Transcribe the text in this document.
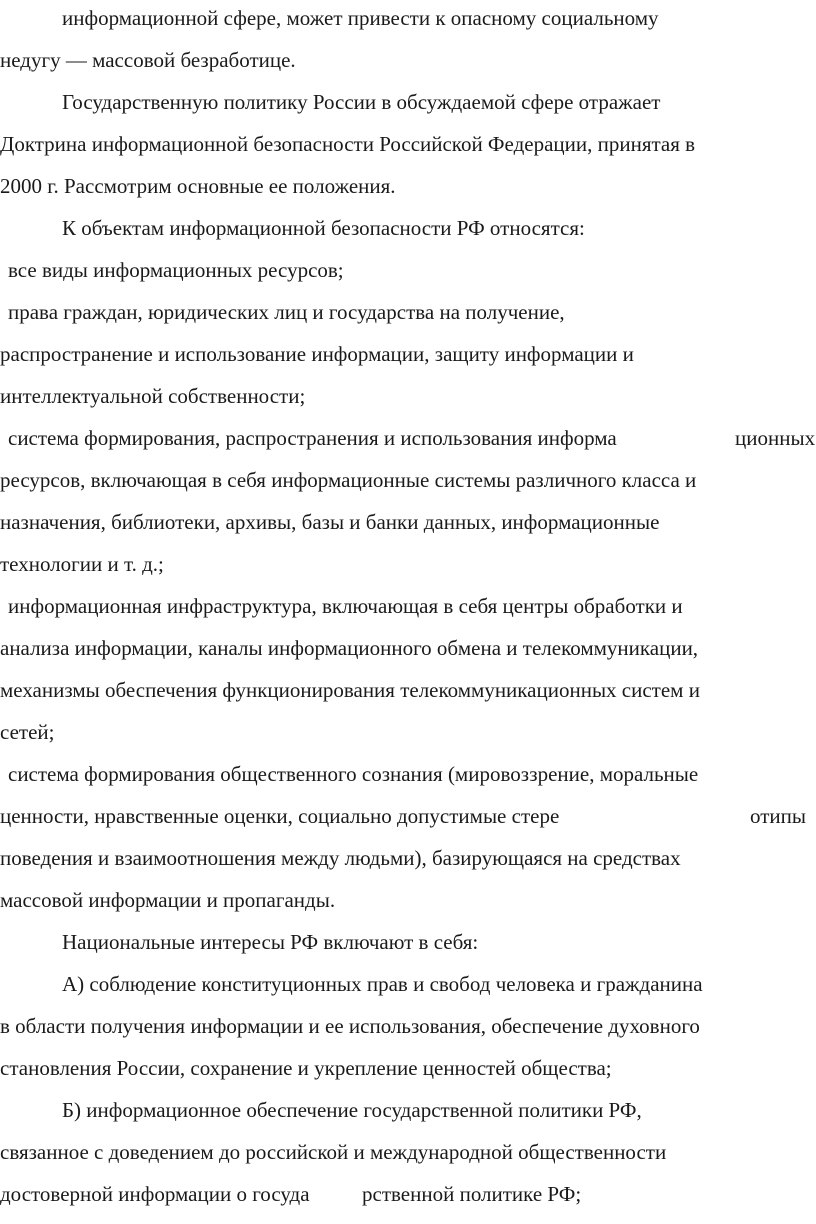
информационной сфере, может привести к опасному социальному
недугу — массовой безработице.
Государственную политику России в обсуждаемой сфере отражает
Доктрина информационной безопасности Российской Федерации, принятая в
2000 г. Рассмотрим основные ее положения.
К объектам информационной безопасности РФ относятся:
все виды информационных ресурсов;
права граждан, юридических лиц и государства на получение,
распространение и использование информации, защиту информации и
интеллектуальной собственности;
система формирования, распространения и использования информа	ционных
ресурсов, включающая в себя информационные системы различного класса и
назначения, библиотеки, архивы, базы и банки данных, информационные
технологии и т. д.;
информационная инфраструктура, включающая в себя центры обработки и
анализа информации, каналы информационного обмена и телекоммуникации,
механизмы обеспечения функционирования телекоммуникационных систем и
сетей;
система формирования общественного сознания (мировоззрение, моральные
ценности, нравственные оценки, социально допустимые стере	отипы
поведения и взаимоотношения между людьми), базирующаяся на средствах
массовой информации и пропаганды.
Национальные интересы РФ включают в себя:
А) соблюдение конституционных прав и свобод человека и гражданина
в области получения информации и ее использования, обеспечение духовного
становления России, сохранение и укрепление ценностей общества;
Б) информационное обеспечение государственной политики РФ,
связанное с доведением до российской и международной общественности
достоверной информации о госуда рственной политике РФ;
